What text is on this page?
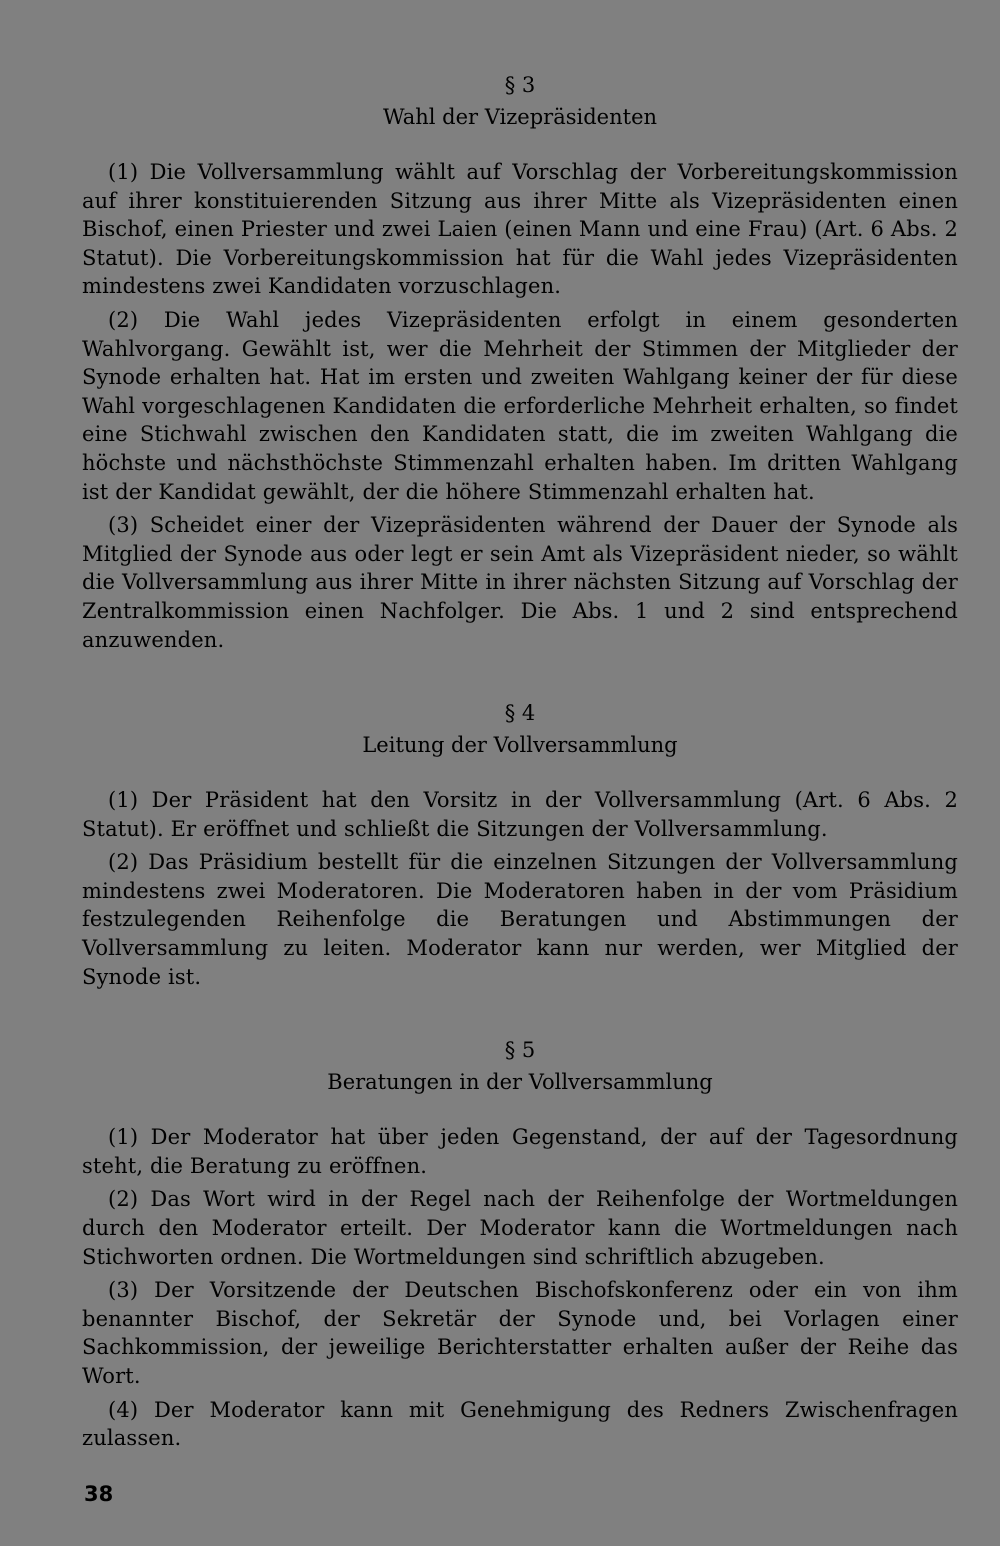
§ 3

Wahl der Vizepräsidenten

(1) Die Vollversammlung wählt auf Vorschlag der Vorbereitungskommission auf ihrer konstituierenden Sitzung aus ihrer Mitte als Vizepräsidenten einen Bischof, einen Priester und zwei Laien (einen Mann und eine Frau) (Art. 6 Abs. 2 Statut). Die Vorbereitungskommission hat für die Wahl jedes Vizepräsidenten mindestens zwei Kandidaten vorzuschlagen.

(2) Die Wahl jedes Vizepräsidenten erfolgt in einem gesonderten Wahlvorgang. Gewählt ist, wer die Mehrheit der Stimmen der Mitglieder der Synode erhalten hat. Hat im ersten und zweiten Wahlgang keiner der für diese Wahl vorgeschlagenen Kandidaten die erforderliche Mehrheit erhalten, so findet eine Stichwahl zwischen den Kandidaten statt, die im zweiten Wahlgang die höchste und nächsthöchste Stimmenzahl erhalten haben. Im dritten Wahlgang ist der Kandidat gewählt, der die höhere Stimmenzahl erhalten hat.

(3) Scheidet einer der Vizepräsidenten während der Dauer der Synode als Mitglied der Synode aus oder legt er sein Amt als Vizepräsident nieder, so wählt die Vollversammlung aus ihrer Mitte in ihrer nächsten Sitzung auf Vorschlag der Zentralkommission einen Nachfolger. Die Abs. 1 und 2 sind entsprechend anzuwenden.

§ 4

Leitung der Vollversammlung

(1) Der Präsident hat den Vorsitz in der Vollversammlung (Art. 6 Abs. 2 Statut). Er eröffnet und schließt die Sitzungen der Vollversammlung.

(2) Das Präsidium bestellt für die einzelnen Sitzungen der Vollversammlung mindestens zwei Moderatoren. Die Moderatoren haben in der vom Präsidium festzulegenden Reihenfolge die Beratungen und Abstimmungen der Vollversammlung zu leiten. Moderator kann nur werden, wer Mitglied der Synode ist.

§ 5

Beratungen in der Vollversammlung

(1) Der Moderator hat über jeden Gegenstand, der auf der Tagesordnung steht, die Beratung zu eröffnen.

(2) Das Wort wird in der Regel nach der Reihenfolge der Wortmeldungen durch den Moderator erteilt. Der Moderator kann die Wortmeldungen nach Stichworten ordnen. Die Wortmeldungen sind schriftlich abzugeben.

(3) Der Vorsitzende der Deutschen Bischofskonferenz oder ein von ihm benannter Bischof, der Sekretär der Synode und, bei Vorlagen einer Sachkommission, der jeweilige Berichterstatter erhalten außer der Reihe das Wort.

(4) Der Moderator kann mit Genehmigung des Redners Zwischenfragen zulassen.

38
